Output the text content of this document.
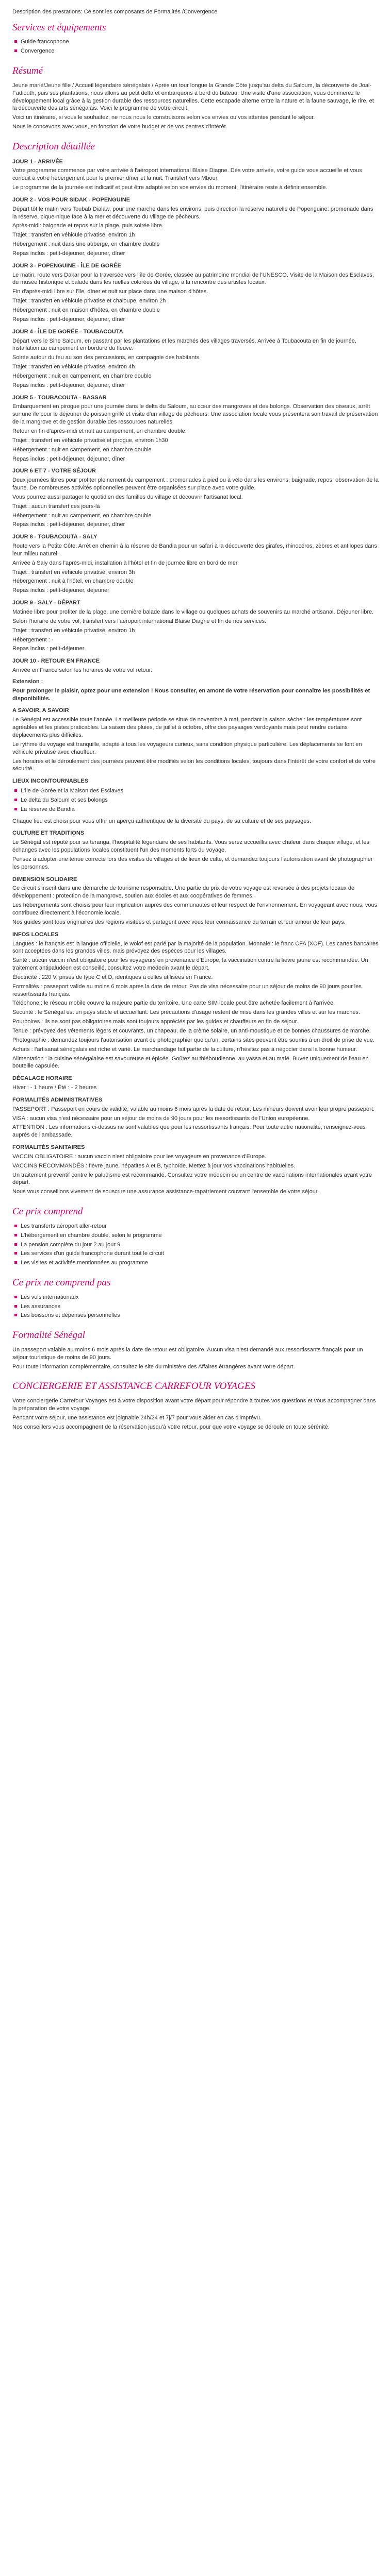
Description des prestations: Ce sont les composants de Formalités /Convergence

Services et équipements
Guide francophone
Convergence
Résumé

Jeune marié/Jeune fille / Accueil légendaire sénégalais / Après un tour longue la Grande Côte jusqu'au delta du Saloum, la découverte de Joal-Fadiouth, puis ses plantations, nous allons au petit delta et embarquons à bord du bateau. Une visite d'une association, vous dominerez le développement local grâce à la gestion durable des ressources naturelles. Cette escapade alterne entre la nature et la faune sauvage, le rire, et la découverte des arts sénégalais. Voici le programme de votre circuit.

Voici un itinéraire, si vous le souhaitez, ne nous nous le construisons selon vos envies ou vos attentes pendant le séjour.

Nous le concevons avec vous, en fonction de votre budget et de vos centres d'intérêt.

Description détaillée
JOUR 1 - ARRIVÉE

Votre programme commence par votre arrivée à l'aéroport international Blaise Diagne. Dès votre arrivée, votre guide vous accueille et vous conduit à votre hébergement pour le premier dîner et la nuit. Transfert vers Mbour.

Le programme de la journée est indicatif et peut être adapté selon vos envies du moment, l'itinéraire reste à définir ensemble.

JOUR 2 - VOS POUR SIDAK - POPENGUINE

Départ tôt le matin vers Toubab Dialaw, pour une marche dans les environs, puis direction la réserve naturelle de Popenguine: promenade dans la réserve, pique-nique face à la mer et découverte du village de pêcheurs.

Après-midi: baignade et repos sur la plage, puis soirée libre.

Trajet : transfert en véhicule privatisé, environ 1h

Hébergement : nuit dans une auberge, en chambre double

Repas inclus : petit-déjeuner, déjeuner, dîner

JOUR 3 - POPENGUINE - ÎLE DE GORÉE

Le matin, route vers Dakar pour la traversée vers l'île de Gorée, classée au patrimoine mondial de l'UNESCO. Visite de la Maison des Esclaves, du musée historique et balade dans les ruelles colorées du village, à la rencontre des artistes locaux.

Fin d'après-midi libre sur l'île, dîner et nuit sur place dans une maison d'hôtes.

Trajet : transfert en véhicule privatisé et chaloupe, environ 2h

Hébergement : nuit en maison d'hôtes, en chambre double

Repas inclus : petit-déjeuner, déjeuner, dîner

JOUR 4 - ÎLE DE GORÉE - TOUBACOUTA

Départ vers le Sine Saloum, en passant par les plantations et les marchés des villages traversés. Arrivée à Toubacouta en fin de journée, installation au campement en bordure du fleuve.

Soirée autour du feu au son des percussions, en compagnie des habitants.

Trajet : transfert en véhicule privatisé, environ 4h

Hébergement : nuit en campement, en chambre double

Repas inclus : petit-déjeuner, déjeuner, dîner

JOUR 5 - TOUBACOUTA - BASSAR

Embarquement en pirogue pour une journée dans le delta du Saloum, au cœur des mangroves et des bolongs. Observation des oiseaux, arrêt sur une île pour le déjeuner de poisson grillé et visite d'un village de pêcheurs. Une association locale vous présentera son travail de préservation de la mangrove et de gestion durable des ressources naturelles.

Retour en fin d'après-midi et nuit au campement, en chambre double.

Trajet : transfert en véhicule privatisé et pirogue, environ 1h30

Hébergement : nuit en campement, en chambre double

Repas inclus : petit-déjeuner, déjeuner, dîner

JOUR 6 ET 7 - VOTRE SÉJOUR

Deux journées libres pour profiter pleinement du campement : promenades à pied ou à vélo dans les environs, baignade, repos, observation de la faune. De nombreuses activités optionnelles peuvent être organisées sur place avec votre guide.

Vous pourrez aussi partager le quotidien des familles du village et découvrir l'artisanat local.

Trajet : aucun transfert ces jours-là

Hébergement : nuit au campement, en chambre double

Repas inclus : petit-déjeuner, déjeuner, dîner

JOUR 8 - TOUBACOUTA - SALY

Route vers la Petite Côte. Arrêt en chemin à la réserve de Bandia pour un safari à la découverte des girafes, rhinocéros, zèbres et antilopes dans leur milieu naturel.

Arrivée à Saly dans l'après-midi, installation à l'hôtel et fin de journée libre en bord de mer.

Trajet : transfert en véhicule privatisé, environ 3h

Hébergement : nuit à l'hôtel, en chambre double

Repas inclus : petit-déjeuner, déjeuner

JOUR 9 - SALY - DÉPART

Matinée libre pour profiter de la plage, une dernière balade dans le village ou quelques achats de souvenirs au marché artisanal. Déjeuner libre.

Selon l'horaire de votre vol, transfert vers l'aéroport international Blaise Diagne et fin de nos services.

Trajet : transfert en véhicule privatisé, environ 1h

Hébergement : -

Repas inclus : petit-déjeuner

JOUR 10 - RETOUR EN FRANCE

Arrivée en France selon les horaires de votre vol retour.

Extension :

Pour prolonger le plaisir, optez pour une extension ! Nous consulter, en amont de votre réservation pour connaître les possibilités et disponibilités.

A SAVOIR, A SAVOIR

Le Sénégal est accessible toute l'année. La meilleure période se situe de novembre à mai, pendant la saison sèche : les températures sont agréables et les pistes praticables. La saison des pluies, de juillet à octobre, offre des paysages verdoyants mais peut rendre certains déplacements plus difficiles.

Le rythme du voyage est tranquille, adapté à tous les voyageurs curieux, sans condition physique particulière. Les déplacements se font en véhicule privatisé avec chauffeur.

Les horaires et le déroulement des journées peuvent être modifiés selon les conditions locales, toujours dans l'intérêt de votre confort et de votre sécurité.

LIEUX INCONTOURNABLES
L'île de Gorée et la Maison des Esclaves
Le delta du Saloum et ses bolongs
La réserve de Bandia

Chaque lieu est choisi pour vous offrir un aperçu authentique de la diversité du pays, de sa culture et de ses paysages.

CULTURE ET TRADITIONS

Le Sénégal est réputé pour sa teranga, l'hospitalité légendaire de ses habitants. Vous serez accueillis avec chaleur dans chaque village, et les échanges avec les populations locales constituent l'un des moments forts du voyage.

Pensez à adopter une tenue correcte lors des visites de villages et de lieux de culte, et demandez toujours l'autorisation avant de photographier les personnes.

DIMENSION SOLIDAIRE

Ce circuit s'inscrit dans une démarche de tourisme responsable. Une partie du prix de votre voyage est reversée à des projets locaux de développement : protection de la mangrove, soutien aux écoles et aux coopératives de femmes.

Les hébergements sont choisis pour leur implication auprès des communautés et leur respect de l'environnement. En voyageant avec nous, vous contribuez directement à l'économie locale.

Nos guides sont tous originaires des régions visitées et partagent avec vous leur connaissance du terrain et leur amour de leur pays.

INFOS LOCALES

Langues : le français est la langue officielle, le wolof est parlé par la majorité de la population. Monnaie : le franc CFA (XOF). Les cartes bancaires sont acceptées dans les grandes villes, mais prévoyez des espèces pour les villages.

Santé : aucun vaccin n'est obligatoire pour les voyageurs en provenance d'Europe, la vaccination contre la fièvre jaune est recommandée. Un traitement antipaludéen est conseillé, consultez votre médecin avant le départ.

Électricité : 220 V, prises de type C et D, identiques à celles utilisées en France.

Formalités : passeport valide au moins 6 mois après la date de retour. Pas de visa nécessaire pour un séjour de moins de 90 jours pour les ressortissants français.

Téléphone : le réseau mobile couvre la majeure partie du territoire. Une carte SIM locale peut être achetée facilement à l'arrivée.

Sécurité : le Sénégal est un pays stable et accueillant. Les précautions d'usage restent de mise dans les grandes villes et sur les marchés.

Pourboires : ils ne sont pas obligatoires mais sont toujours appréciés par les guides et chauffeurs en fin de séjour.

Tenue : prévoyez des vêtements légers et couvrants, un chapeau, de la crème solaire, un anti-moustique et de bonnes chaussures de marche.

Photographie : demandez toujours l'autorisation avant de photographier quelqu'un, certains sites peuvent être soumis à un droit de prise de vue.

Achats : l'artisanat sénégalais est riche et varié. Le marchandage fait partie de la culture, n'hésitez pas à négocier dans la bonne humeur.

Alimentation : la cuisine sénégalaise est savoureuse et épicée. Goûtez au thiéboudienne, au yassa et au mafé. Buvez uniquement de l'eau en bouteille capsulée.

DÉCALAGE HORAIRE

Hiver : - 1 heure / Été : - 2 heures

FORMALITÉS ADMINISTRATIVES

PASSEPORT : Passeport en cours de validité, valable au moins 6 mois après la date de retour. Les mineurs doivent avoir leur propre passeport.

VISA : aucun visa n'est nécessaire pour un séjour de moins de 90 jours pour les ressortissants de l'Union européenne.

ATTENTION : Les informations ci-dessus ne sont valables que pour les ressortissants français. Pour toute autre nationalité, renseignez-vous auprès de l'ambassade.

FORMALITÉS SANITAIRES

VACCIN OBLIGATOIRE : aucun vaccin n'est obligatoire pour les voyageurs en provenance d'Europe.

VACCINS RECOMMANDÉS : fièvre jaune, hépatites A et B, typhoïde. Mettez à jour vos vaccinations habituelles.

Un traitement préventif contre le paludisme est recommandé. Consultez votre médecin ou un centre de vaccinations internationales avant votre départ.

Nous vous conseillons vivement de souscrire une assurance assistance-rapatriement couvrant l'ensemble de votre séjour.

Ce prix comprend
Les transferts aéroport aller-retour
L'hébergement en chambre double, selon le programme
La pension complète du jour 2 au jour 9
Les services d'un guide francophone durant tout le circuit
Les visites et activités mentionnées au programme
Ce prix ne comprend pas
Les vols internationaux
Les assurances
Les boissons et dépenses personnelles
Formalité Sénégal

Un passeport valable au moins 6 mois après la date de retour est obligatoire. Aucun visa n'est demandé aux ressortissants français pour un séjour touristique de moins de 90 jours.

Pour toute information complémentaire, consultez le site du ministère des Affaires étrangères avant votre départ.

CONCIERGERIE ET ASSISTANCE CARREFOUR VOYAGES

Votre conciergerie Carrefour Voyages est à votre disposition avant votre départ pour répondre à toutes vos questions et vous accompagner dans la préparation de votre voyage.

Pendant votre séjour, une assistance est joignable 24h/24 et 7j/7 pour vous aider en cas d'imprévu.

Nos conseillers vous accompagnent de la réservation jusqu'à votre retour, pour que votre voyage se déroule en toute sérénité.
